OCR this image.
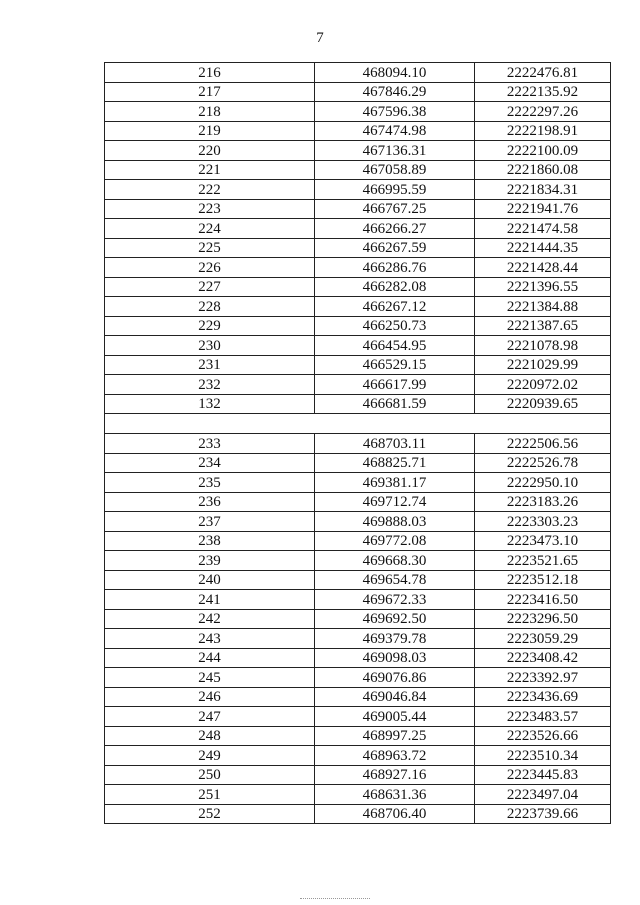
7
216	468094.10	2222476.81
217	467846.29	2222135.92
218	467596.38	2222297.26
219	467474.98	2222198.91
220	467136.31	2222100.09
221	467058.89	2221860.08
222	466995.59	2221834.31
223	466767.25	2221941.76
224	466266.27	2221474.58
225	466267.59	2221444.35
226	466286.76	2221428.44
227	466282.08	2221396.55
228	466267.12	2221384.88
229	466250.73	2221387.65
230	466454.95	2221078.98
231	466529.15	2221029.99
232	466617.99	2220972.02
132	466681.59	2220939.65

233	468703.11	2222506.56
234	468825.71	2222526.78
235	469381.17	2222950.10
236	469712.74	2223183.26
237	469888.03	2223303.23
238	469772.08	2223473.10
239	469668.30	2223521.65
240	469654.78	2223512.18
241	469672.33	2223416.50
242	469692.50	2223296.50
243	469379.78	2223059.29
244	469098.03	2223408.42
245	469076.86	2223392.97
246	469046.84	2223436.69
247	469005.44	2223483.57
248	468997.25	2223526.66
249	468963.72	2223510.34
250	468927.16	2223445.83
251	468631.36	2223497.04
252	468706.40	2223739.66
